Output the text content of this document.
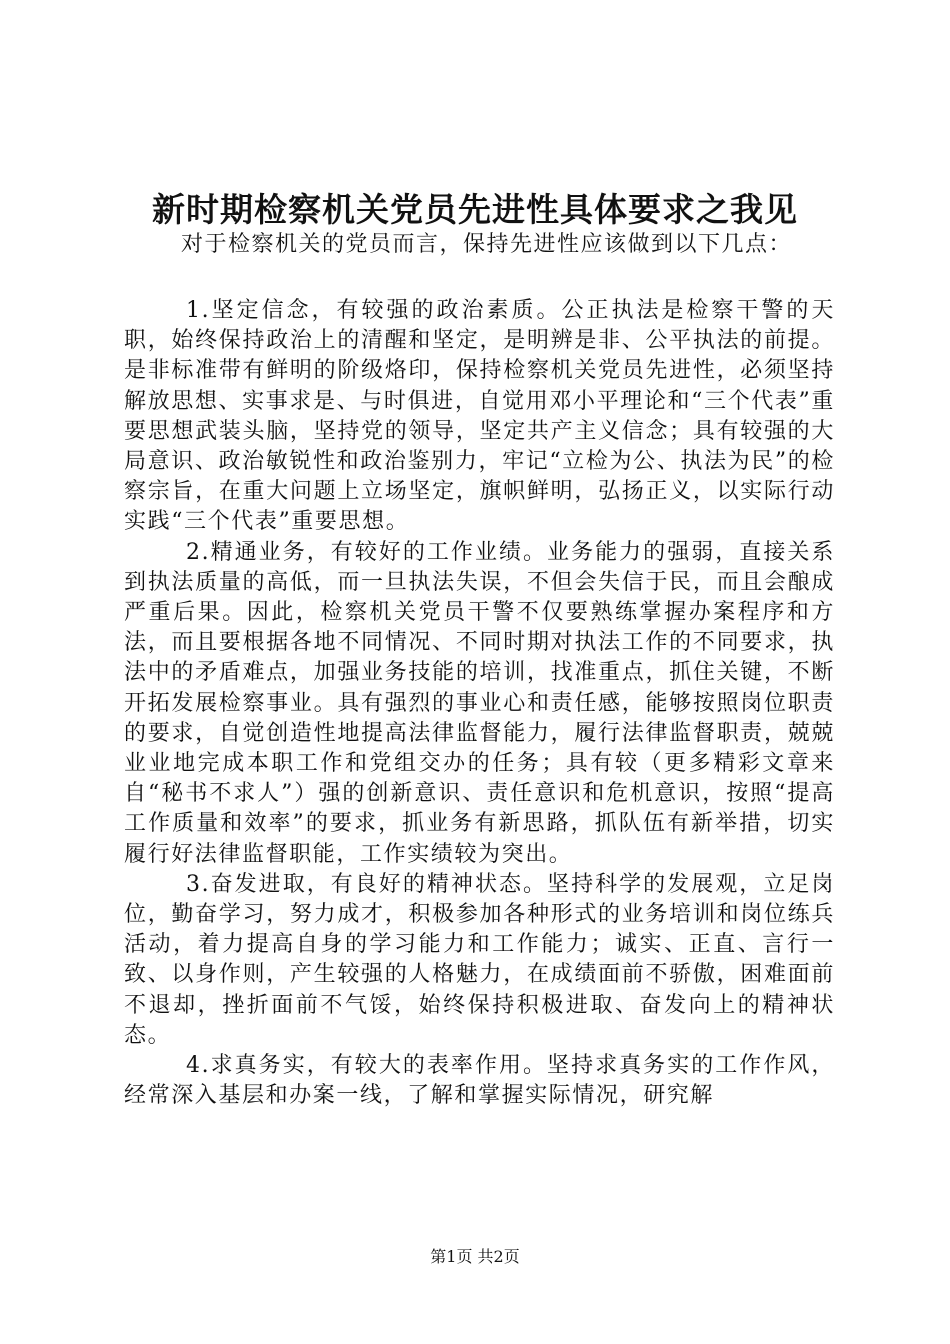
新时期检察机关党员先进性具体要求之我见

对于检察机关的党员而言，保持先进性应该做到以下几点：

1.坚定信念，有较强的政治素质。公正执法是检察干警的天职，始终保持政治上的清醒和坚定，是明辨是非、公平执法的前提。是非标准带有鲜明的阶级烙印，保持检察机关党员先进性，必须坚持解放思想、实事求是、与时俱进，自觉用邓小平理论和“三个代表”重要思想武装头脑，坚持党的领导，坚定共产主义信念；具有较强的大局意识、政治敏锐性和政治鉴别力，牢记“立检为公、执法为民”的检察宗旨，在重大问题上立场坚定，旗帜鲜明，弘扬正义，以实际行动实践“三个代表”重要思想。

2.精通业务，有较好的工作业绩。业务能力的强弱，直接关系到执法质量的高低，而一旦执法失误，不但会失信于民，而且会酿成严重后果。因此，检察机关党员干警不仅要熟练掌握办案程序和方法，而且要根据各地不同情况、不同时期对执法工作的不同要求，执法中的矛盾难点，加强业务技能的培训，找准重点，抓住关键，不断开拓发展检察事业。具有强烈的事业心和责任感，能够按照岗位职责的要求，自觉创造性地提高法律监督能力，履行法律监督职责，兢兢业业地完成本职工作和党组交办的任务；具有较（更多精彩文章来自“秘书不求人”）强的创新意识、责任意识和危机意识，按照“提高工作质量和效率”的要求，抓业务有新思路，抓队伍有新举措，切实履行好法律监督职能，工作实绩较为突出。

3.奋发进取，有良好的精神状态。坚持科学的发展观，立足岗位，勤奋学习，努力成才，积极参加各种形式的业务培训和岗位练兵活动，着力提高自身的学习能力和工作能力；诚实、正直、言行一致、以身作则，产生较强的人格魅力，在成绩面前不骄傲，困难面前不退却，挫折面前不气馁，始终保持积极进取、奋发向上的精神状态。

4.求真务实，有较大的表率作用。坚持求真务实的工作作风，经常深入基层和办案一线，了解和掌握实际情况，研究解

第1页 共2页
